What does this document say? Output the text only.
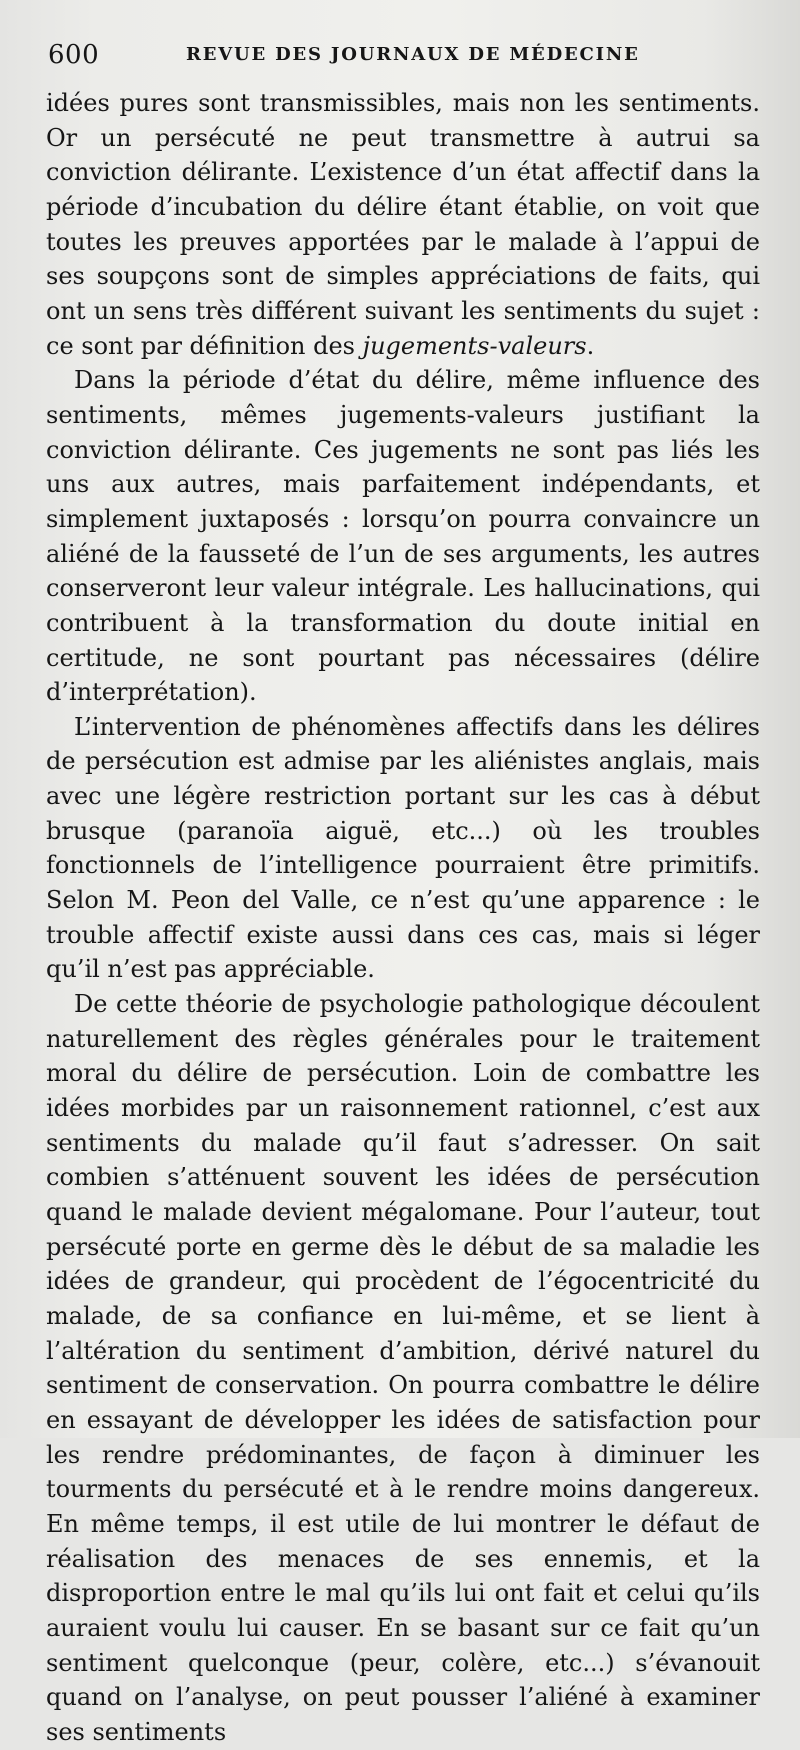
600	REVUE DES JOURNAUX DE MÉDECINE

idées pures sont transmissibles, mais non les sentiments. Or un persécuté ne peut transmettre à autrui sa conviction délirante. L’existence d’un état affectif dans la période d’incubation du délire étant établie, on voit que toutes les preuves apportées par le malade à l’appui de ses soupçons sont de simples appréciations de faits, qui ont un sens très différent suivant les sentiments du sujet : ce sont par définition des jugements-valeurs.

Dans la période d’état du délire, même influence des sentiments, mêmes jugements-valeurs justifiant la conviction délirante. Ces jugements ne sont pas liés les uns aux autres, mais parfaitement indépendants, et simplement juxtaposés : lorsqu’on pourra convaincre un aliéné de la fausseté de l’un de ses arguments, les autres conserveront leur valeur intégrale. Les hallucinations, qui contribuent à la transformation du doute initial en certitude, ne sont pourtant pas nécessaires (délire d’interprétation).

L’intervention de phénomènes affectifs dans les délires de persécution est admise par les aliénistes anglais, mais avec une légère restriction portant sur les cas à début brusque (paranoïa aiguë, etc...) où les troubles fonctionnels de l’intelligence pourraient être primitifs. Selon M. Peon del Valle, ce n’est qu’une apparence : le trouble affectif existe aussi dans ces cas, mais si léger qu’il n’est pas appréciable.

De cette théorie de psychologie pathologique découlent naturellement des règles générales pour le traitement moral du délire de persécution. Loin de combattre les idées morbides par un raisonnement rationnel, c’est aux sentiments du malade qu’il faut s’adresser. On sait combien s’atténuent souvent les idées de persécution quand le malade devient mégalomane. Pour l’auteur, tout persécuté porte en germe dès le début de sa maladie les idées de grandeur, qui procèdent de l’égocentricité du malade, de sa confiance en lui-même, et se lient à l’altération du sentiment d’ambition, dérivé naturel du sentiment de conservation. On pourra combattre le délire en essayant de développer les idées de satisfaction pour les rendre prédominantes, de façon à diminuer les tourments du persécuté et à le rendre moins dangereux. En même temps, il est utile de lui montrer le défaut de réalisation des menaces de ses ennemis, et la disproportion entre le mal qu’ils lui ont fait et celui qu’ils auraient voulu lui causer. En se basant sur ce fait qu’un sentiment quelconque (peur, colère, etc...) s’évanouit quand on l’analyse, on peut pousser l’aliéné à examiner ses sentiments
